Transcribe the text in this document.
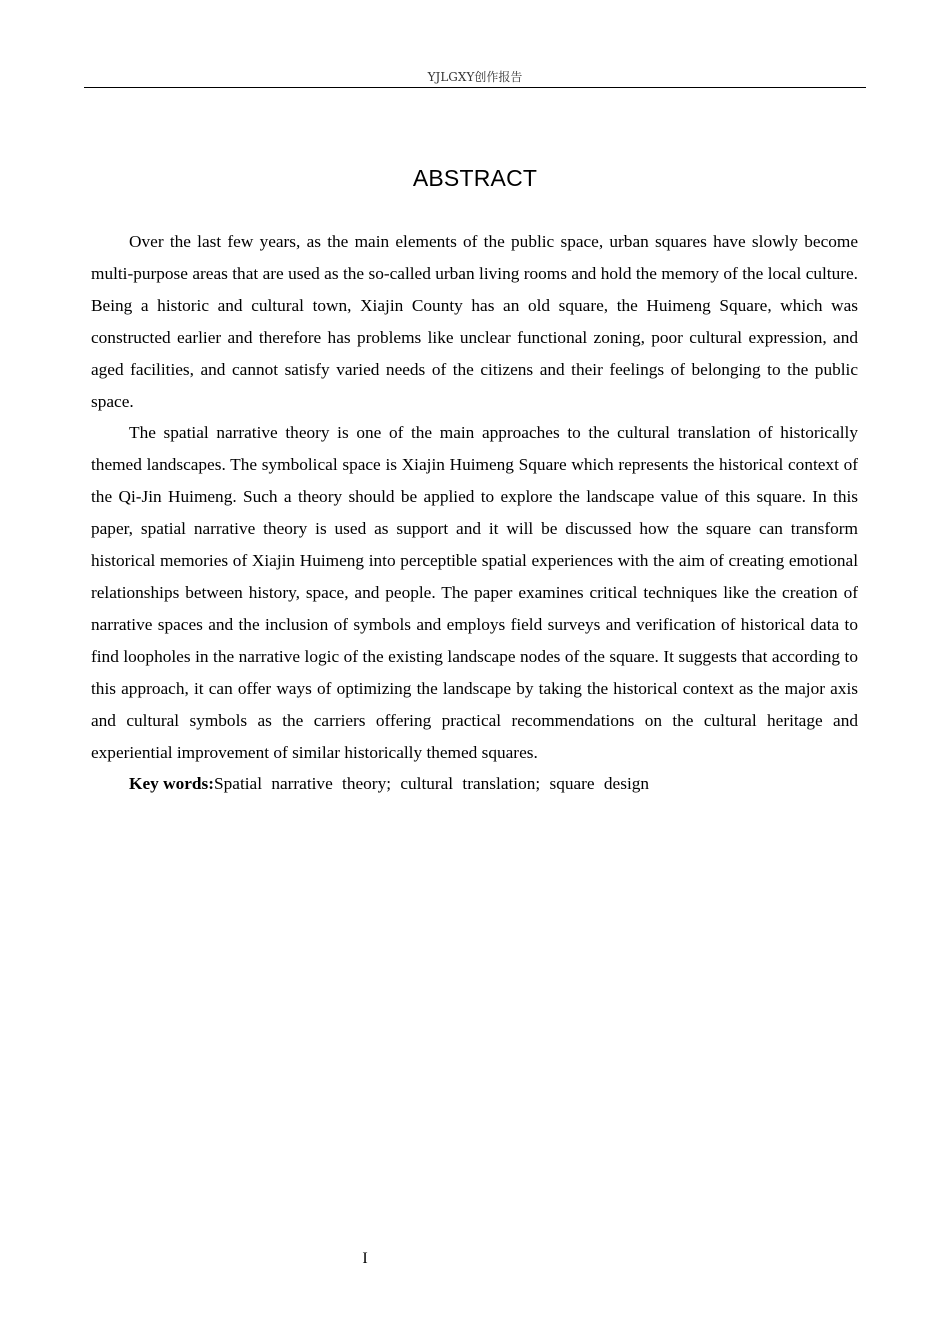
YJLGXY创作报告
ABSTRACT

Over the last few years, as the main elements of the public space, urban squares have slowly become multi-purpose areas that are used as the so-called urban living rooms and hold the memory of the local culture. Being a historic and cultural town, Xiajin County has an old square, the Huimeng Square, which was constructed earlier and therefore has problems like unclear functional zoning, poor cultural expression, and aged facilities, and cannot satisfy varied needs of the citizens and their feelings of belonging to the public space.

The spatial narrative theory is one of the main approaches to the cultural translation of historically themed landscapes. The symbolical space is Xiajin Huimeng Square which represents the historical context of the Qi-Jin Huimeng. Such a theory should be applied to explore the landscape value of this square. In this paper, spatial narrative theory is used as support and it will be discussed how the square can transform historical memories of Xiajin Huimeng into perceptible spatial experiences with the aim of creating emotional relationships between history, space, and people. The paper examines critical techniques like the creation of narrative spaces and the inclusion of symbols and employs field surveys and verification of historical data to find loopholes in the narrative logic of the existing landscape nodes of the square. It suggests that according to this approach, it can offer ways of optimizing the landscape by taking the historical context as the major axis and cultural symbols as the carriers offering practical recommendations on the cultural heritage and experiential improvement of similar historically themed squares.

Key words:Spatial narrative theory; cultural translation; square design

I
